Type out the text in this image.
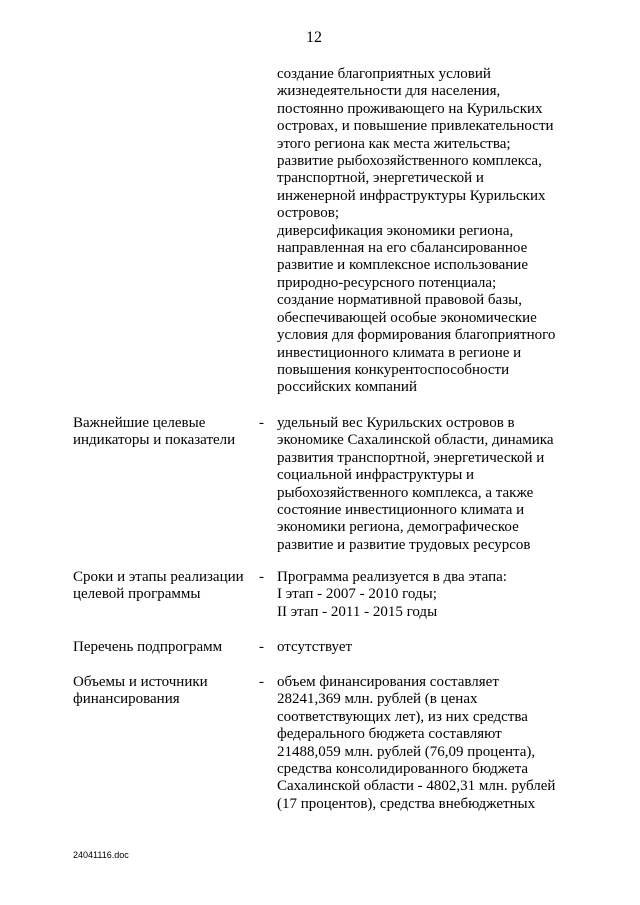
12
создание благоприятных условий
жизнедеятельности для населения,
постоянно проживающего на Курильских
островах, и повышение привлекательности
этого региона как места жительства;
развитие рыбохозяйственного комплекса,
транспортной, энергетической и
инженерной инфраструктуры Курильских
островов;
диверсификация экономики региона,
направленная на его сбалансированное
развитие и комплексное использование
природно-ресурсного потенциала;
создание нормативной правовой базы,
обеспечивающей особые экономические
условия для формирования благоприятного
инвестиционного климата в регионе и
повышения конкурентоспособности
российских компаний
Важнейшие целевые
индикаторы и показатели
- удельный вес Курильских островов в
экономике Сахалинской области, динамика
развития транспортной, энергетической и
социальной инфраструктуры и
рыбохозяйственного комплекса, а также
состояние инвестиционного климата и
экономики региона, демографическое
развитие и развитие трудовых ресурсов
Сроки и этапы реализации
целевой программы
- Программа реализуется в два этапа:
I этап - 2007 - 2010 годы;
II этап - 2011 - 2015 годы
Перечень подпрограмм	- отсутствует
Объемы и источники
финансирования
- объем финансирования составляет
28241,369 млн. рублей (в ценах
соответствующих лет), из них средства
федерального бюджета составляют
21488,059 млн. рублей (76,09 процента),
средства консолидированного бюджета
Сахалинской области - 4802,31 млн. рублей
(17 процентов), средства внебюджетных
24041116.doc
